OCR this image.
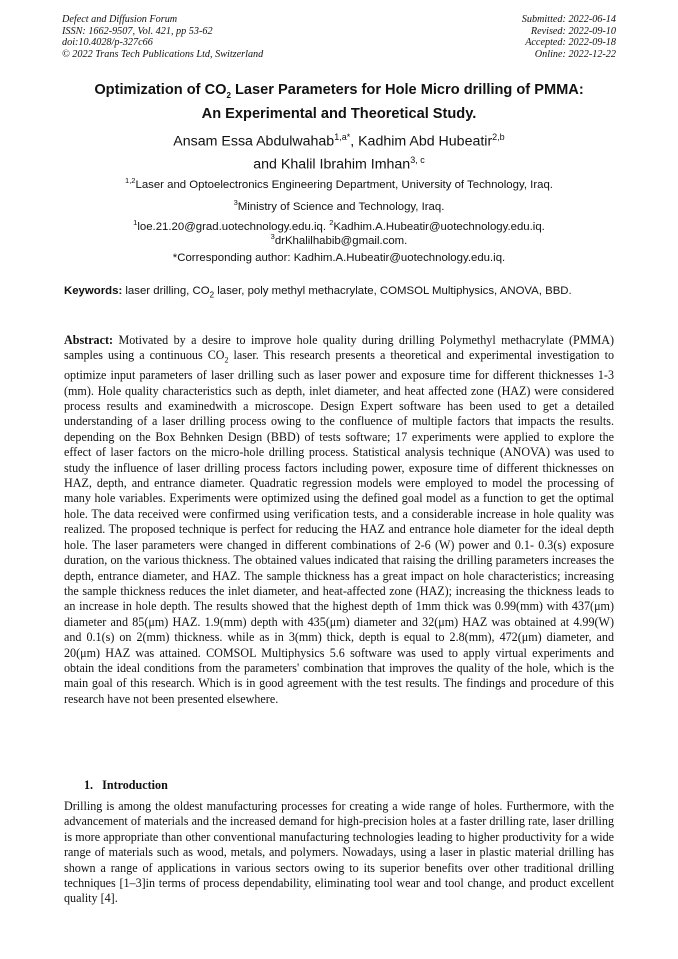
Defect and Diffusion Forum
ISSN: 1662-9507, Vol. 421, pp 53-62
doi:10.4028/p-327c66
© 2022 Trans Tech Publications Ltd, Switzerland
Submitted: 2022-06-14
Revised: 2022-09-10
Accepted: 2022-09-18
Online: 2022-12-22
Optimization of $CO_2$ Laser Parameters for Hole Micro drilling of PMMA:
An Experimental and Theoretical Study.
Ansam Essa Abdulwahab$^{1,a*}$, Kadhim Abd Hubeatir$^{2,b}$
and Khalil Ibrahim Imhan$^{3, c}$
$^{1,2}$Laser and Optoelectronics Engineering Department, University of Technology, Iraq.
$^3$Ministry of Science and Technology, Iraq.
$^1$loe.21.20@grad.uotechnology.edu.iq. $^2$Kadhim.A.Hubeatir@uotechnology.edu.iq.
$^3$drKhalilhabib@gmail.com.
*Corresponding author: Kadhim.A.Hubeatir@uotechnology.edu.iq.
Keywords: laser drilling, $CO_2$ laser, poly methyl methacrylate, COMSOL Multiphysics, ANOVA, BBD.
Abstract: Motivated by a desire to improve hole quality during drilling Polymethyl methacrylate (PMMA) samples using a continuous $CO_2$ laser. This research presents a theoretical and experimental investigation to optimize input parameters of laser drilling such as laser power and exposure time for different thicknesses 1-3 (mm). Hole quality characteristics such as depth, inlet diameter, and heat affected zone (HAZ) were considered process results and examinedwith a microscope. Design Expert software has been used to get a detailed understanding of a laser drilling process owing to the confluence of multiple factors that impacts the results. depending on the Box Behnken Design (BBD) of tests software; 17 experiments were applied to explore the effect of laser factors on the micro-hole drilling process. Statistical analysis technique (ANOVA) was used to study the influence of laser drilling process factors including power, exposure time of different thicknesses on HAZ, depth, and entrance diameter. Quadratic regression models were employed to model the processing of many hole variables. Experiments were optimized using the defined goal model as a function to get the optimal hole. The data received were confirmed using verification tests, and a considerable increase in hole quality was realized. The proposed technique is perfect for reducing the HAZ and entrance hole diameter for the ideal depth hole. The laser parameters were changed in different combinations of 2-6 (W) power and 0.1- 0.3(s) exposure duration, on the various thickness. The obtained values indicated that raising the drilling parameters increases the depth, entrance diameter, and HAZ. The sample thickness has a great impact on hole characteristics; increasing the sample thickness reduces the inlet diameter, and heat-affected zone (HAZ); increasing the thickness leads to an increase in hole depth. The results showed that the highest depth of 1mm thick was 0.99(mm) with 437(μm) diameter and 85(μm) HAZ. 1.9(mm) depth with 435(μm) diameter and 32(μm) HAZ was obtained at 4.99(W) and 0.1(s) on 2(mm) thickness. while as in 3(mm) thick, depth is equal to 2.8(mm), 472(μm) diameter, and 20(μm) HAZ was attained. COMSOL Multiphysics 5.6 software was used to apply virtual experiments and obtain the ideal conditions from the parameters' combination that improves the quality of the hole, which is the main goal of this research. Which is in good agreement with the test results. The findings and procedure of this research have not been presented elsewhere.
1. Introduction
Drilling is among the oldest manufacturing processes for creating a wide range of holes. Furthermore, with the advancement of materials and the increased demand for high-precision holes at a faster drilling rate, laser drilling is more appropriate than other conventional manufacturing technologies leading to higher productivity for a wide range of materials such as wood, metals, and polymers. Nowadays, using a laser in plastic material drilling has shown a range of applications in various sectors owing to its superior benefits over other traditional drilling techniques [1–3]in terms of process dependability, eliminating tool wear and tool change, and product excellent quality [4].
